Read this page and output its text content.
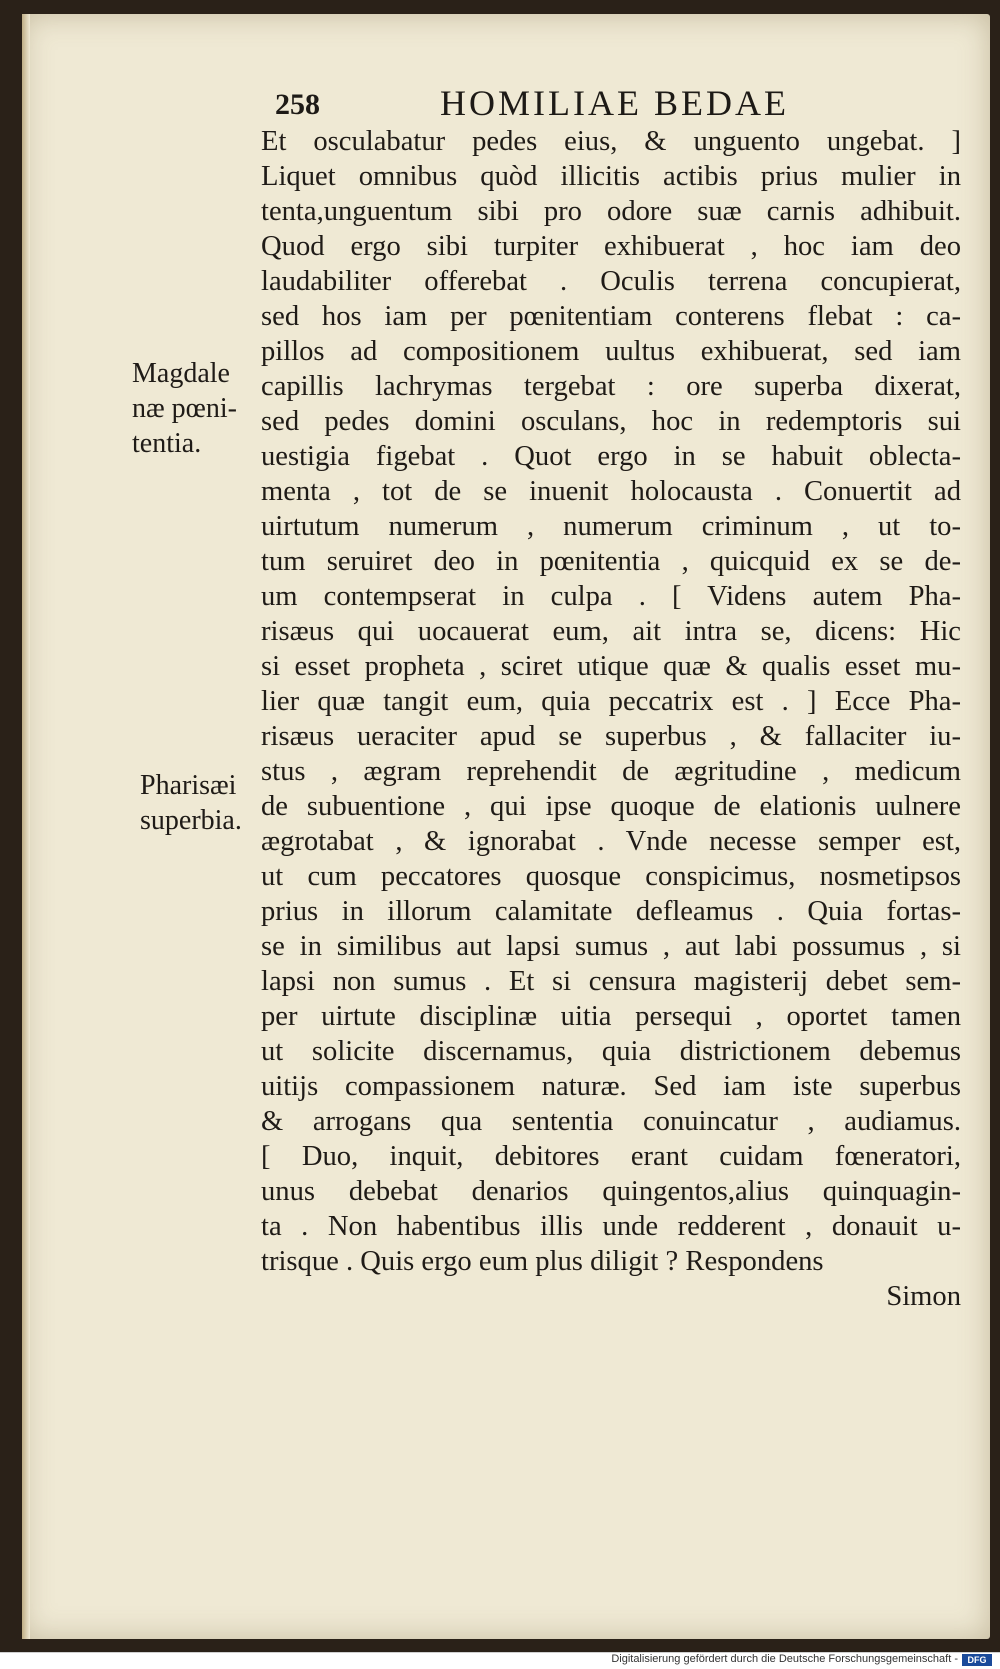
258	HOMILIAE BEDAE
Magdale
næ pœni-
tentia.
Pharisæi
superbia.
Et osculabatur pedes eius, & unguento ungebat. ]
Liquet omnibus quòd illicitis actibis prius mulier in
tenta,unguentum sibi pro odore suæ carnis adhibuit.
Quod ergo sibi turpiter exhibuerat , hoc iam deo
laudabiliter offerebat . Oculis terrena concupierat,
sed hos iam per pœnitentiam conterens flebat : ca-
pillos ad compositionem uultus exhibuerat, sed iam
capillis lachrymas tergebat : ore superba dixerat,
sed pedes domini osculans, hoc in redemptoris sui
uestigia figebat . Quot ergo in se habuit oblecta-
menta , tot de se inuenit holocausta . Conuertit ad
uirtutum numerum , numerum criminum , ut to-
tum seruiret deo in pœnitentia , quicquid ex se de-
um contempserat in culpa . [ Videns autem Pha-
risæus qui uocauerat eum, ait intra se, dicens: Hic
si esset propheta , sciret utique quæ & qualis esset mu-
lier quæ tangit eum, quia peccatrix est . ] Ecce Pha-
risæus ueraciter apud se superbus , & fallaciter iu-
stus , ægram reprehendit de ægritudine , medicum
de subuentione , qui ipse quoque de elationis uulnere
ægrotabat , & ignorabat . Vnde necesse semper est,
ut cum peccatores quosque conspicimus, nosmetipsos
prius in illorum calamitate defleamus . Quia fortas-
se in similibus aut lapsi sumus , aut labi possumus , si
lapsi non sumus . Et si censura magisterij debet sem-
per uirtute disciplinæ uitia persequi , oportet tamen
ut solicite discernamus, quia districtionem debemus
uitijs compassionem naturæ. Sed iam iste superbus
& arrogans qua sententia conuincatur , audiamus.
[ Duo, inquit, debitores erant cuidam fœneratori,
unus debebat denarios quingentos,alius quinquagin-
ta . Non habentibus illis unde redderent , donauit u-
trisque . Quis ergo eum plus diligit ? Respondens
Simon
Digitalisierung gefördert durch die Deutsche Forschungsgemeinschaft -	DFG
